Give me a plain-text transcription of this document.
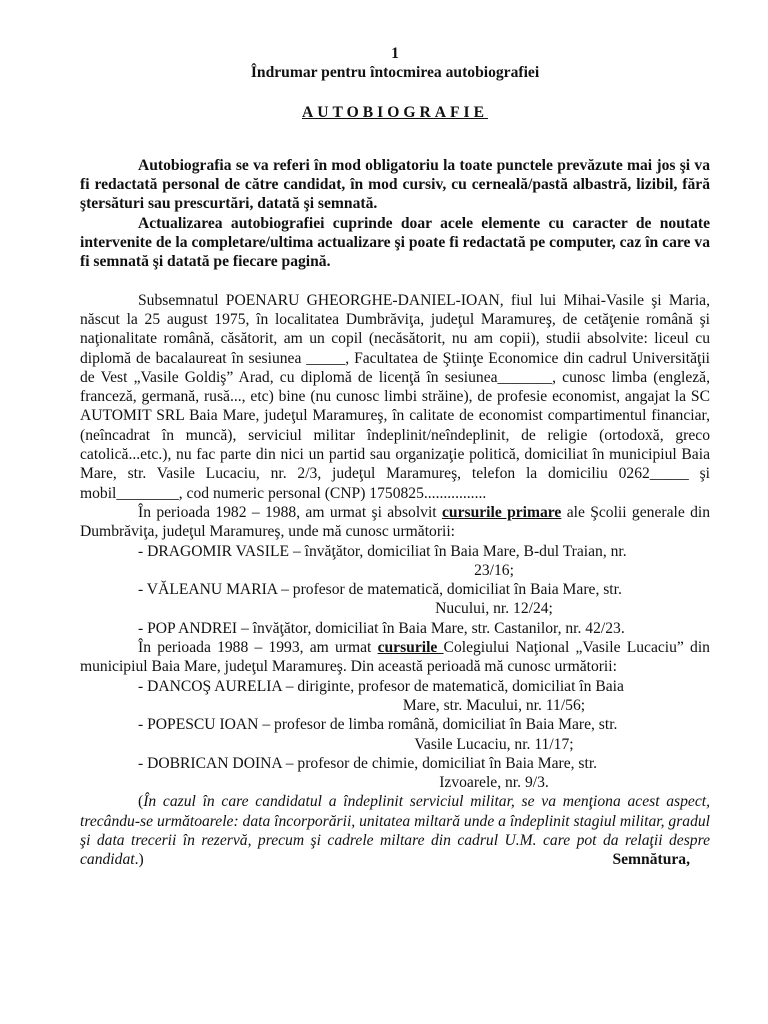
1
Îndrumar pentru întocmirea autobiografiei
AUTOBIOGRAFIE

Autobiografia se va referi în mod obligatoriu la toate punctele prevăzute mai jos şi va fi redactată personal de către candidat, în mod cursiv, cu cerneală/pastă albastră, lizibil, fără ştersături sau prescurtări, datată şi semnată.

Actualizarea autobiografiei cuprinde doar acele elemente cu caracter de noutate intervenite de la completare/ultima actualizare şi poate fi redactată pe computer, caz în care va fi semnată şi datată pe fiecare pagină.

Subsemnatul POENARU GHEORGHE-DANIEL-IOAN, fiul lui Mihai-Vasile şi Maria, născut la 25 august 1975, în localitatea Dumbrăviţa, judeţul Maramureş, de cetăţenie română şi naţionalitate română, căsătorit, am un copil (necăsătorit, nu am copii), studii absolvite: liceul cu diplomă de bacalaureat în sesiunea _____, Facultatea de Ştiinţe Economice din cadrul Universităţii de Vest „Vasile Goldiş” Arad, cu diplomă de licenţă în sesiunea_______, cunosc limba (engleză, franceză, germană, rusă..., etc) bine (nu cunosc limbi străine), de profesie economist, angajat la SC AUTOMIT SRL Baia Mare, judeţul Maramureş, în calitate de economist compartimentul financiar, (neîncadrat în muncă), serviciul militar îndeplinit/neîndeplinit, de religie (ortodoxă, greco catolică...etc.), nu fac parte din nici un partid sau organizaţie politică, domiciliat în municipiul Baia Mare, str. Vasile Lucaciu, nr. 2/3, judeţul Maramureş, telefon la domiciliu 0262_____ şi mobil________, cod numeric personal (CNP) 1750825................

În perioada 1982 – 1988, am urmat şi absolvit cursurile primare ale Şcolii generale din Dumbrăviţa, judeţul Maramureş, unde mă cunosc următorii:

- DRAGOMIR VASILE – învăţător, domiciliat în Baia Mare, B-dul Traian, nr.
23/16;
- VĂLEANU MARIA – profesor de matematică, domiciliat în Baia Mare, str.
Nucului, nr. 12/24;
- POP ANDREI – învăţător, domiciliat în Baia Mare, str. Castanilor, nr. 42/23.

În perioada 1988 – 1993, am urmat cursurile Colegiului Naţional „Vasile Lucaciu” din municipiul Baia Mare, judeţul Maramureş. Din această perioadă mă cunosc următorii:

- DANCOŞ AURELIA – diriginte, profesor de matematică, domiciliat în Baia
Mare, str. Macului, nr. 11/56;
- POPESCU IOAN – profesor de limba română, domiciliat în Baia Mare, str.
Vasile Lucaciu, nr. 11/17;
- DOBRICAN DOINA – profesor de chimie, domiciliat în Baia Mare, str.
Izvoarele, nr. 9/3.

(În cazul în care candidatul a îndeplinit serviciul militar, se va menţiona acest aspect, trecându-se următoarele: data încorporării, unitatea miltară unde a îndeplinit stagiul militar, gradul şi data trecerii în rezervă, precum şi cadrele miltare din cadrul U.M. care pot da relaţii despre candidat.)	Semnătura,
